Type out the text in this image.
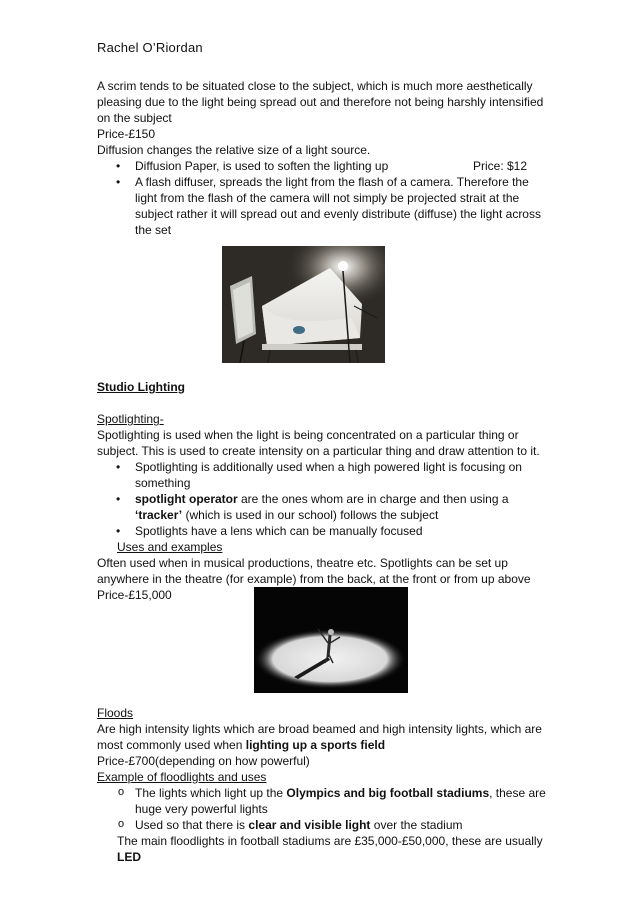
Rachel O’Riordan

A scrim tends to be situated close to the subject, which is much more aesthetically pleasing due to the light being spread out and therefore not being harshly intensified on the subject

Price-£150

Diffusion changes the relative size of a light source.

• Diffusion Paper, is used to soften the lighting up	Price: $12
• A flash diffuser, spreads the light from the flash of a camera. Therefore the light from the flash of the camera will not simply be projected strait at the subject rather it will spread out and evenly distribute (diffuse) the light across the set

Studio Lighting

Spotlighting-

Spotlighting is used when the light is being concentrated on a particular thing or subject. This is used to create intensity on a particular thing and draw attention to it.

• Spotlighting is additionally used when a high powered light is focusing on something
• spotlight operator are the ones whom are in charge and then using a ‘tracker’ (which is used in our school) follows the subject
• Spotlights have a lens which can be manually focused

Uses and examples

Often used when in musical productions, theatre etc. Spotlights can be set up anywhere in the theatre (for example) from the back, at the front or from up above

Price-£15,000

Floods

Are high intensity lights which are broad beamed and high intensity lights, which are most commonly used when lighting up a sports field

Price-£700(depending on how powerful)

Example of floodlights and uses

o The lights which light up the Olympics and big football stadiums, these are huge very powerful lights
o Used so that there is clear and visible light over the stadium

The main floodlights in football stadiums are £35,000-£50,000, these are usually LED
